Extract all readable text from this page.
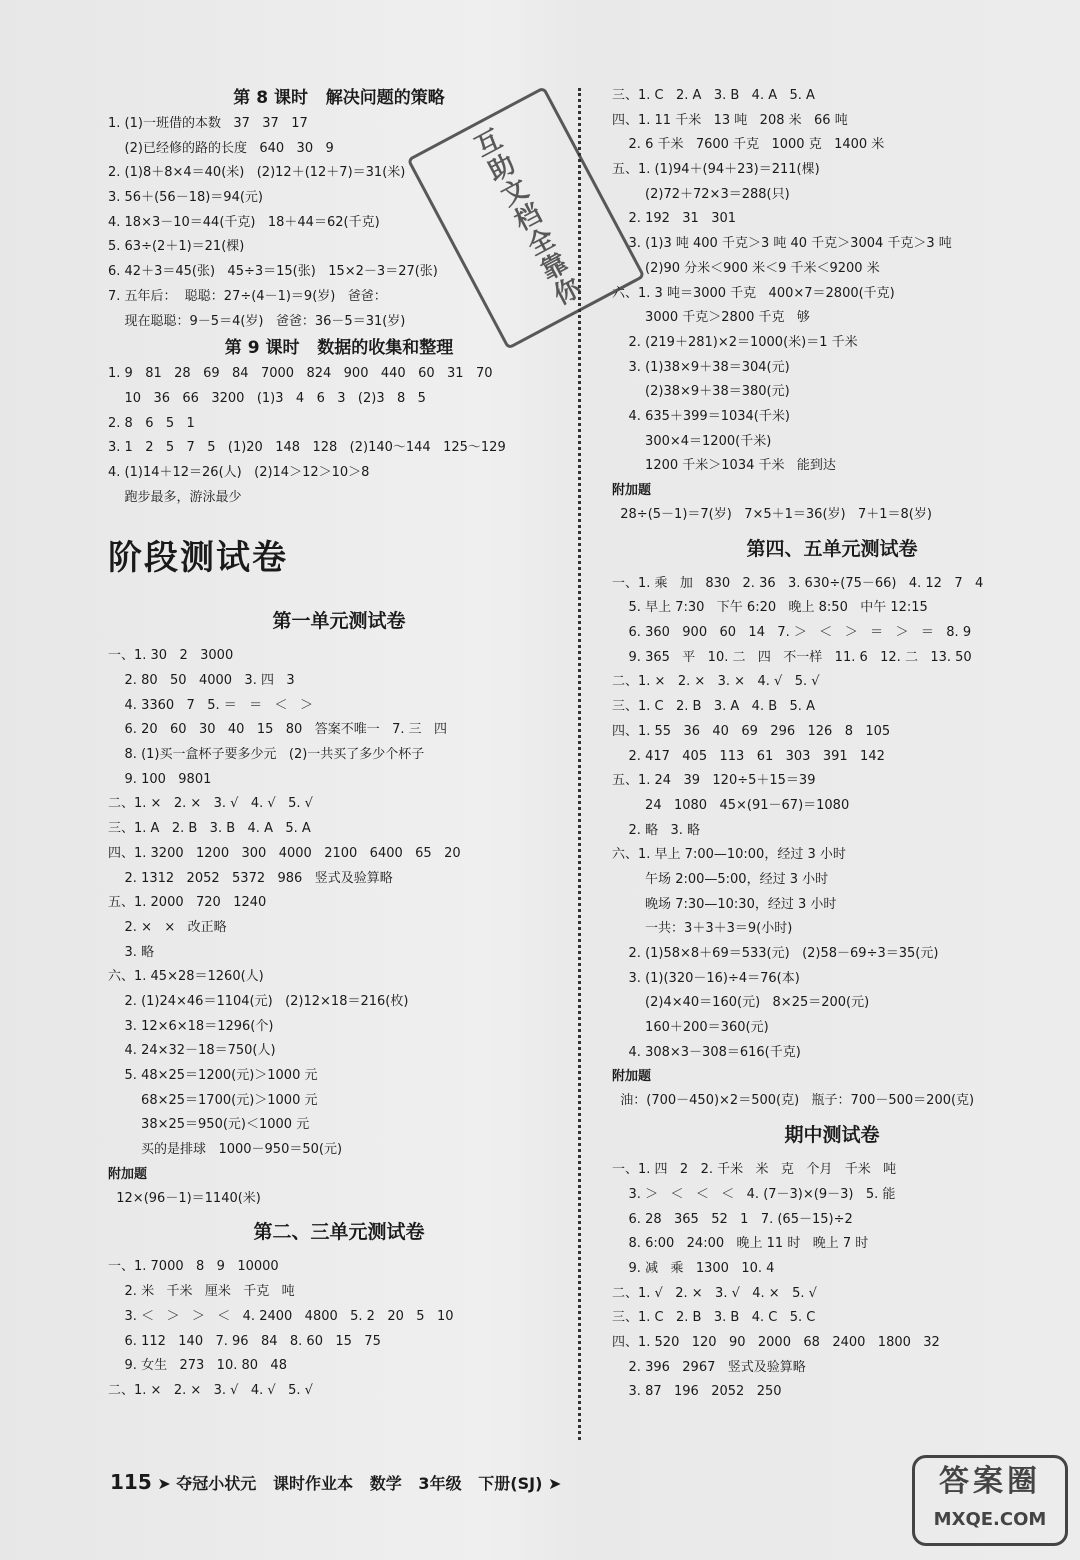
第 8 课时   解决问题的策略
1. (1)一班借的本数   37   37   17
(2)已经修的路的长度   640   30   9
2. (1)8＋8×4＝40(米)   (2)12＋(12＋7)＝31(米)
3. 56＋(56－18)＝94(元)
4. 18×3－10＝44(千克)   18＋44＝62(千克)
5. 63÷(2＋1)＝21(棵)
6. 42＋3＝45(张)   45÷3＝15(张)   15×2－3＝27(张)
7. 五年后：  聪聪：27÷(4－1)＝9(岁)   爸爸：
现在聪聪：9－5＝4(岁)   爸爸：36－5＝31(岁)
第 9 课时   数据的收集和整理
1. 9   81   28   69   84   7000   824   900   440   60   31   70
10   36   66   3200   (1)3   4   6   3   (2)3   8   5
2. 8   6   5   1
3. 1   2   5   7   5   (1)20   148   128   (2)140～144   125～129
4. (1)14＋12＝26(人)   (2)14＞12＞10＞8
跑步最多，游泳最少
阶段测试卷
第一单元测试卷
一、1. 30   2   3000
2. 80   50   4000   3. 四   3
4. 3360   7   5. ＝   ＝   ＜   ＞
6. 20   60   30   40   15   80   答案不唯一   7. 三   四
8. (1)买一盒杯子要多少元   (2)一共买了多少个杯子
9. 100   9801
二、1. ×   2. ×   3. √   4. √   5. √
三、1. A   2. B   3. B   4. A   5. A
四、1. 3200   1200   300   4000   2100   6400   65   20
2. 1312   2052   5372   986   竖式及验算略
五、1. 2000   720   1240
2. ×   ×   改正略
3. 略
六、1. 45×28＝1260(人)
2. (1)24×46＝1104(元)   (2)12×18＝216(枚)
3. 12×6×18＝1296(个)
4. 24×32－18＝750(人)
5. 48×25＝1200(元)＞1000 元
68×25＝1700(元)＞1000 元
38×25＝950(元)＜1000 元
买的是排球   1000－950＝50(元)
附加题
12×(96－1)＝1140(米)
第二、三单元测试卷
一、1. 7000   8   9   10000
2. 米   千米   厘米   千克   吨
3. ＜   ＞   ＞   ＜   4. 2400   4800   5. 2   20   5   10
6. 112   140   7. 96   84   8. 60   15   75
9. 女生   273   10. 80   48
二、1. ×   2. ×   3. √   4. √   5. √
三、1. C   2. A   3. B   4. A   5. A
四、1. 11 千米   13 吨   208 米   66 吨
2. 6 千米   7600 千克   1000 克   1400 米
五、1. (1)94＋(94＋23)＝211(棵)
(2)72＋72×3＝288(只)
2. 192   31   301
3. (1)3 吨 400 千克＞3 吨 40 千克＞3004 千克＞3 吨
(2)90 分米＜900 米＜9 千米＜9200 米
六、1. 3 吨＝3000 千克   400×7＝2800(千克)
3000 千克＞2800 千克   够
2. (219＋281)×2＝1000(米)＝1 千米
3. (1)38×9＋38＝304(元)
(2)38×9＋38＝380(元)
4. 635＋399＝1034(千米)
300×4＝1200(千米)
1200 千米＞1034 千米   能到达
附加题
28÷(5－1)＝7(岁)   7×5＋1＝36(岁)   7＋1＝8(岁)
第四、五单元测试卷
一、1. 乘   加   830   2. 36   3. 630÷(75－66)   4. 12   7   4
5. 早上 7:30   下午 6:20   晚上 8:50   中午 12:15
6. 360   900   60   14   7. ＞   ＜   ＞   ＝   ＞   ＝   8. 9
9. 365   平   10. 二   四   不一样   11. 6   12. 二   13. 50
二、1. ×   2. ×   3. ×   4. √   5. √
三、1. C   2. B   3. A   4. B   5. A
四、1. 55   36   40   69   296   126   8   105
2. 417   405   113   61   303   391   142
五、1. 24   39   120÷5＋15＝39
24   1080   45×(91－67)＝1080
2. 略   3. 略
六、1. 早上 7:00—10:00，经过 3 小时
午场 2:00—5:00，经过 3 小时
晚场 7:30—10:30，经过 3 小时
一共：3＋3＋3＝9(小时)
2. (1)58×8＋69＝533(元)   (2)58－69÷3＝35(元)
3. (1)(320－16)÷4＝76(本)
(2)4×40＝160(元)   8×25＝200(元)
160＋200＝360(元)
4. 308×3－308＝616(千克)
附加题
油：(700－450)×2＝500(克)   瓶子：700－500＝200(克)
期中测试卷
一、1. 四   2   2. 千米   米   克   个月   千米   吨
3. ＞   ＜   ＜   ＜   4. (7－3)×(9－3)   5. 能
6. 28   365   52   1   7. (65－15)÷2
8. 6:00   24:00   晚上 11 时   晚上 7 时
9. 减   乘   1300   10. 4
二、1. √   2. ×   3. √   4. ×   5. √
三、1. C   2. B   3. B   4. C   5. C
四、1. 520   120   90   2000   68   2400   1800   32
2. 396   2967   竖式及验算略
3. 87   196   2052   250
互助文档全靠你
115 ➤ 夺冠小状元   课时作业本   数学   3年级   下册(SJ) ➤	答案圈
MXQE.COM
